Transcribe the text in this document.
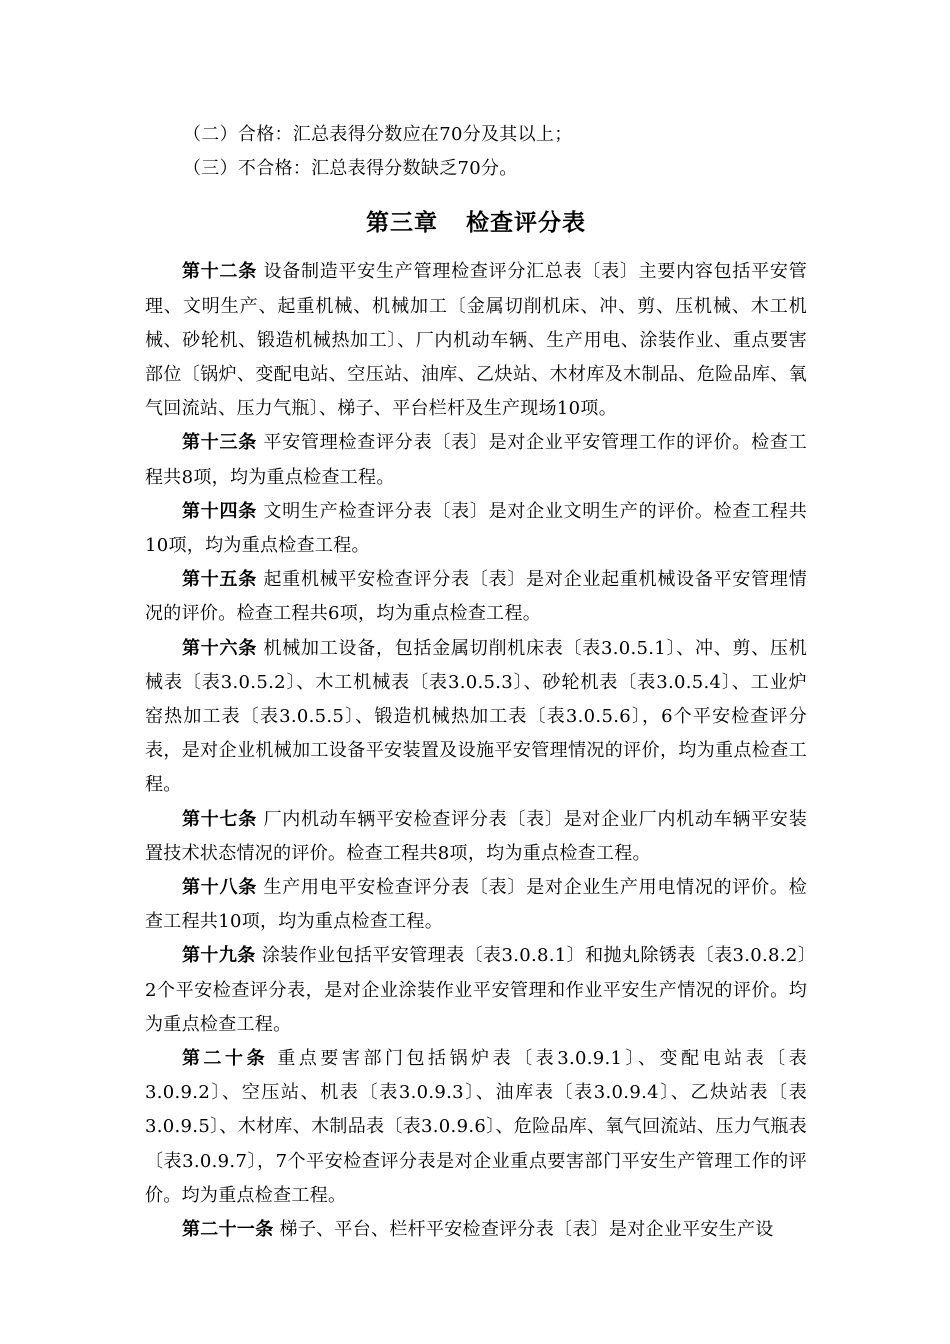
（二）合格：汇总表得分数应在70分及其以上；

（三）不合格：汇总表得分数缺乏70分。

第三章 检查评分表

第十二条 设备制造平安生产管理检查评分汇总表〔表〕主要内容包括平安管理、文明生产、起重机械、机械加工〔金属切削机床、冲、剪、压机械、木工机械、砂轮机、锻造机械热加工〕、厂内机动车辆、生产用电、涂装作业、重点要害部位〔锅炉、变配电站、空压站、油库、乙炔站、木材库及木制品、危险品库、氧气回流站、压力气瓶〕、梯子、平台栏杆及生产现场10项。

第十三条 平安管理检查评分表〔表〕是对企业平安管理工作的评价。检查工程共8项，均为重点检查工程。

第十四条 文明生产检查评分表〔表〕是对企业文明生产的评价。检查工程共10项，均为重点检查工程。

第十五条 起重机械平安检查评分表〔表〕是对企业起重机械设备平安管理情况的评价。检查工程共6项，均为重点检查工程。

第十六条 机械加工设备，包括金属切削机床表〔表3.0.5.1〕、冲、剪、压机械表〔表3.0.5.2〕、木工机械表〔表3.0.5.3〕、砂轮机表〔表3.0.5.4〕、工业炉窑热加工表〔表3.0.5.5〕、锻造机械热加工表〔表3.0.5.6〕，6个平安检查评分表，是对企业机械加工设备平安装置及设施平安管理情况的评价，均为重点检查工程。

第十七条 厂内机动车辆平安检查评分表〔表〕是对企业厂内机动车辆平安装置技术状态情况的评价。检查工程共8项，均为重点检查工程。

第十八条 生产用电平安检查评分表〔表〕是对企业生产用电情况的评价。检查工程共10项，均为重点检查工程。

第十九条 涂装作业包括平安管理表〔表3.0.8.1〕和抛丸除锈表〔表3.0.8.2〕2个平安检查评分表，是对企业涂装作业平安管理和作业平安生产情况的评价。均为重点检查工程。

第二十条 重点要害部门包括锅炉表〔表3.0.9.1〕、变配电站表〔表3.0.9.2〕、空压站、机表〔表3.0.9.3〕、油库表〔表3.0.9.4〕、乙炔站表〔表3.0.9.5〕、木材库、木制品表〔表3.0.9.6〕、危险品库、氧气回流站、压力气瓶表〔表3.0.9.7〕，7个平安检查评分表是对企业重点要害部门平安生产管理工作的评价。均为重点检查工程。

第二十一条 梯子、平台、栏杆平安检查评分表〔表〕是对企业平安生产设
